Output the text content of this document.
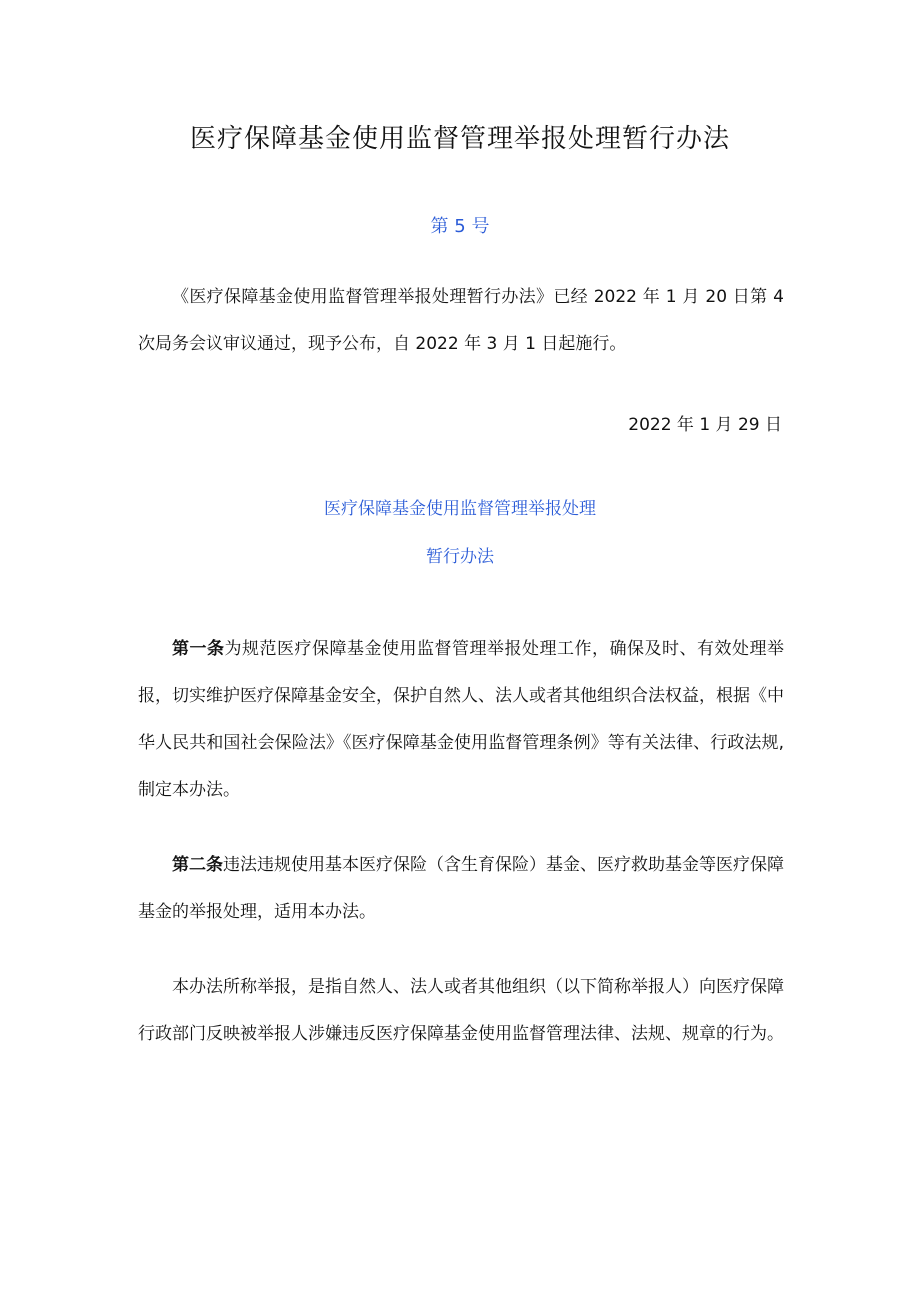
医疗保障基金使用监督管理举报处理暂行办法
第 5 号

《医疗保障基金使用监督管理举报处理暂行办法》已经 2022 年 1 月 20 日第 4 次局务会议审议通过，现予公布，自 2022 年 3 月 1 日起施行。

2022 年 1 月 29 日
医疗保障基金使用监督管理举报处理
暂行办法

第一条为规范医疗保障基金使用监督管理举报处理工作，确保及时、有效处理举报，切实维护医疗保障基金安全，保护自然人、法人或者其他组织合法权益，根据《中华人民共和国社会保险法》《医疗保障基金使用监督管理条例》等有关法律、行政法规,制定本办法。

第二条违法违规使用基本医疗保险（含生育保险）基金、医疗救助基金等医疗保障基金的举报处理，适用本办法。

本办法所称举报，是指自然人、法人或者其他组织（以下简称举报人）向医疗保障行政部门反映被举报人涉嫌违反医疗保障基金使用监督管理法律、法规、规章的行为。
